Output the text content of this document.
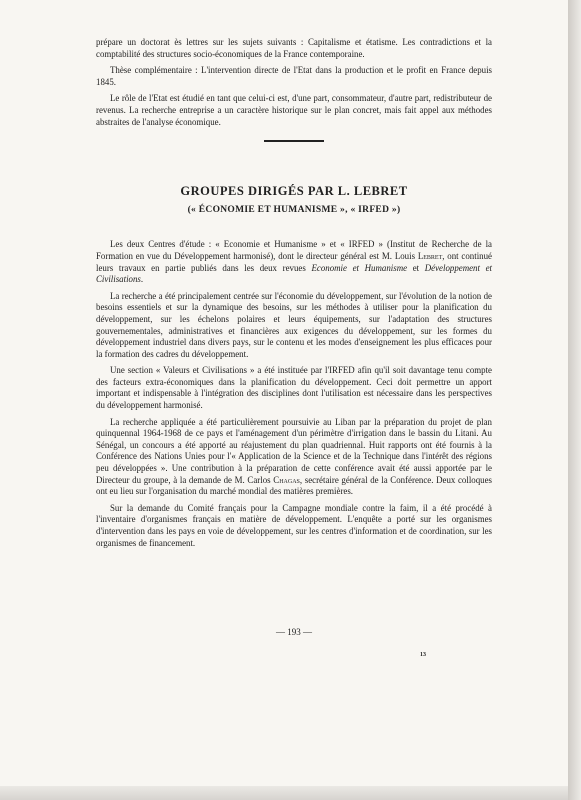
prépare un doctorat ès lettres sur les sujets suivants : Capitalisme et étatisme. Les contradictions et la comptabilité des structures socio-économiques de la France contemporaine.

Thèse complémentaire : L'intervention directe de l'Etat dans la production et le profit en France depuis 1845.

Le rôle de l'Etat est étudié en tant que celui-ci est, d'une part, consommateur, d'autre part, redistributeur de revenus. La recherche entreprise a un caractère historique sur le plan concret, mais fait appel aux méthodes abstraites de l'analyse économique.

GROUPES DIRIGÉS PAR L. LEBRET
(« ÉCONOMIE ET HUMANISME », « IRFED »)

Les deux Centres d'étude : « Economie et Humanisme » et « IRFED » (Institut de Recherche de la Formation en vue du Développement harmonisé), dont le directeur général est M. Louis Lebret, ont continué leurs travaux en partie publiés dans les deux revues Economie et Humanisme et Développement et Civilisations.

La recherche a été principalement centrée sur l'économie du développement, sur l'évolution de la notion de besoins essentiels et sur la dynamique des besoins, sur les méthodes à utiliser pour la planification du développement, sur les échelons polaires et leurs équipements, sur l'adaptation des structures gouvernementales, administratives et financières aux exigences du développement, sur les formes du développement industriel dans divers pays, sur le contenu et les modes d'enseignement les plus efficaces pour la formation des cadres du développement.

Une section « Valeurs et Civilisations » a été instituée par l'IRFED afin qu'il soit davantage tenu compte des facteurs extra-économiques dans la planification du développement. Ceci doit permettre un apport important et indispensable à l'intégration des disciplines dont l'utilisation est nécessaire dans les perspectives du développement harmonisé.

La recherche appliquée a été particulièrement poursuivie au Liban par la préparation du projet de plan quinquennal 1964-1968 de ce pays et l'aménagement d'un périmètre d'irrigation dans le bassin du Litani. Au Sénégal, un concours a été apporté au réajustement du plan quadriennal. Huit rapports ont été fournis à la Conférence des Nations Unies pour l'« Application de la Science et de la Technique dans l'intérêt des régions peu développées ». Une contribution à la préparation de cette conférence avait été aussi apportée par le Directeur du groupe, à la demande de M. Carlos Chagas, secrétaire général de la Conférence. Deux colloques ont eu lieu sur l'organisation du marché mondial des matières premières.

Sur la demande du Comité français pour la Campagne mondiale contre la faim, il a été procédé à l'inventaire d'organismes français en matière de développement. L'enquête a porté sur les organismes d'intervention dans les pays en voie de développement, sur les centres d'information et de coordination, sur les organismes de financement.

— 193 —
13
